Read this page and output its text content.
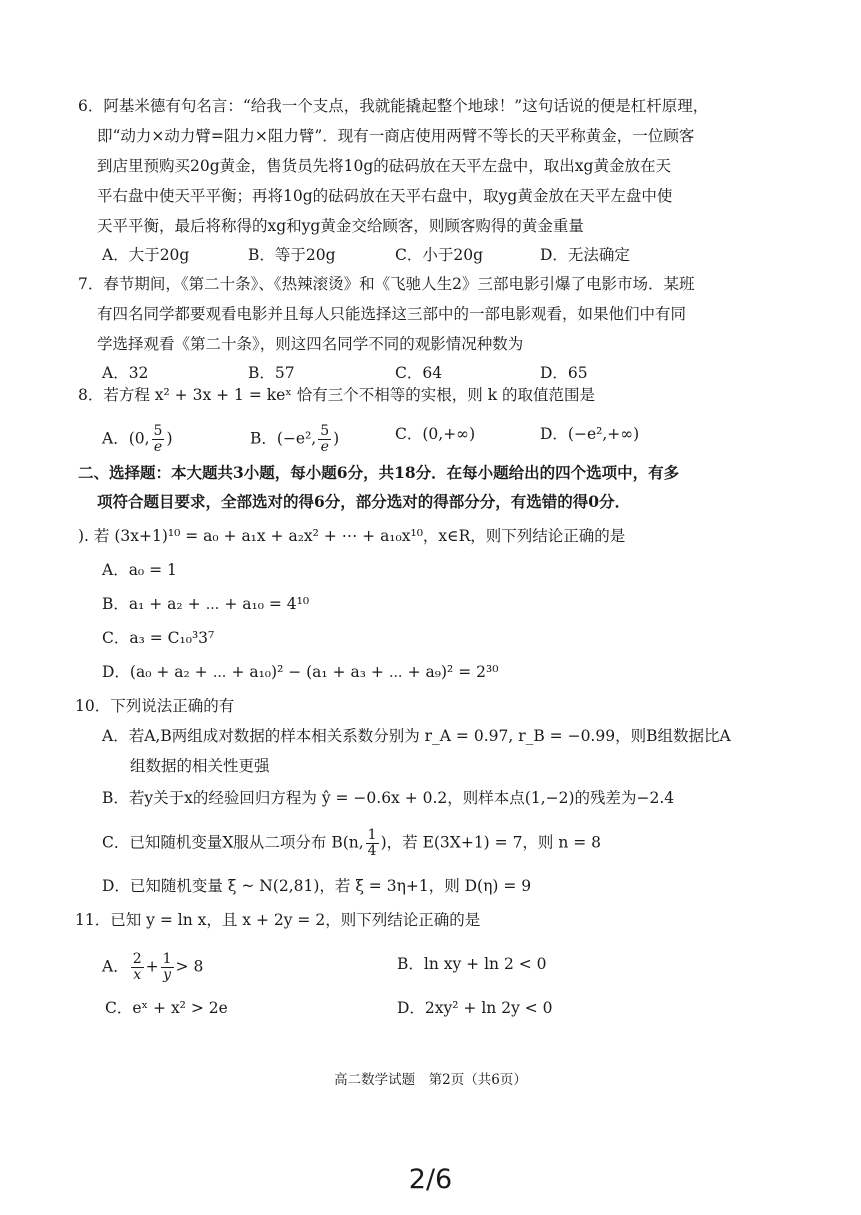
6．阿基米德有句名言：“给我一个支点，我就能撬起整个地球！”这句话说的便是杠杆原理，
即“动力×动力臂=阻力×阻力臂”．现有一商店使用两臂不等长的天平称黄金，一位顾客
到店里预购买20g黄金，售货员先将10g的砝码放在天平左盘中，取出xg黄金放在天
平右盘中使天平平衡；再将10g的砝码放在天平右盘中，取yg黄金放在天平左盘中使
天平平衡，最后将称得的xg和yg黄金交给顾客，则顾客购得的黄金重量
A．大于20g	B．等于20g	C．小于20g	D．无法确定
7．春节期间，《第二十条》、《热辣滚烫》和《飞驰人生2》三部电影引爆了电影市场．某班
有四名同学都要观看电影并且每人只能选择这三部中的一部电影观看，如果他们中有同
学选择观看《第二十条》，则这四名同学不同的观影情况种数为
A．32	B．57	C．64	D．65
8．若方程 x² + 3x + 1 = keˣ 恰有三个不相等的实根，则 k 的取值范围是
A．(0, $\frac{5}{e}$ )	B．(−e², $\frac{5}{e}$ )	C．(0,+∞)	D．(−e²,+∞)
二、选择题：本大题共3小题，每小题6分，共18分．在每小题给出的四个选项中，有多
项符合题目要求，全部选对的得6分，部分选对的得部分分，有选错的得0分．
). 若 (3x+1)¹⁰ = a₀ + a₁x + a₂x² + ⋯ + a₁₀x¹⁰，x∈R，则下列结论正确的是
A．a₀ = 1
B．a₁ + a₂ + ⋯ + a₁₀ = 4¹⁰
C．a₃ = C₁₀³3⁷
D．(a₀ + a₂ + ⋯ + a₁₀)² − (a₁ + a₃ + ⋯ + a₉)² = 2³⁰
10．下列说法正确的有
A．若A,B两组成对数据的样本相关系数分别为 r_A = 0.97, r_B = −0.99，则B组数据比A
组数据的相关性更强
B．若y关于x的经验回归方程为 ŷ = −0.6x + 0.2，则样本点(1,−2)的残差为−2.4
C．已知随机变量X服从二项分布 B(n, $\frac{1}{4}$ )，若 E(3X+1) = 7，则 n = 8
D．已知随机变量 ξ ~ N(2,81)，若 ξ = 3η+1，则 D(η) = 9
11．已知 y = ln x，且 x + 2y = 2，则下列结论正确的是
A． $\frac{2}{x} + \frac{1}{y} > 8$	B．ln xy + ln 2 < 0
C．eˣ + x² > 2e	D．2xy² + ln 2y < 0
高二数学试题　第2页（共6页）
2/6
